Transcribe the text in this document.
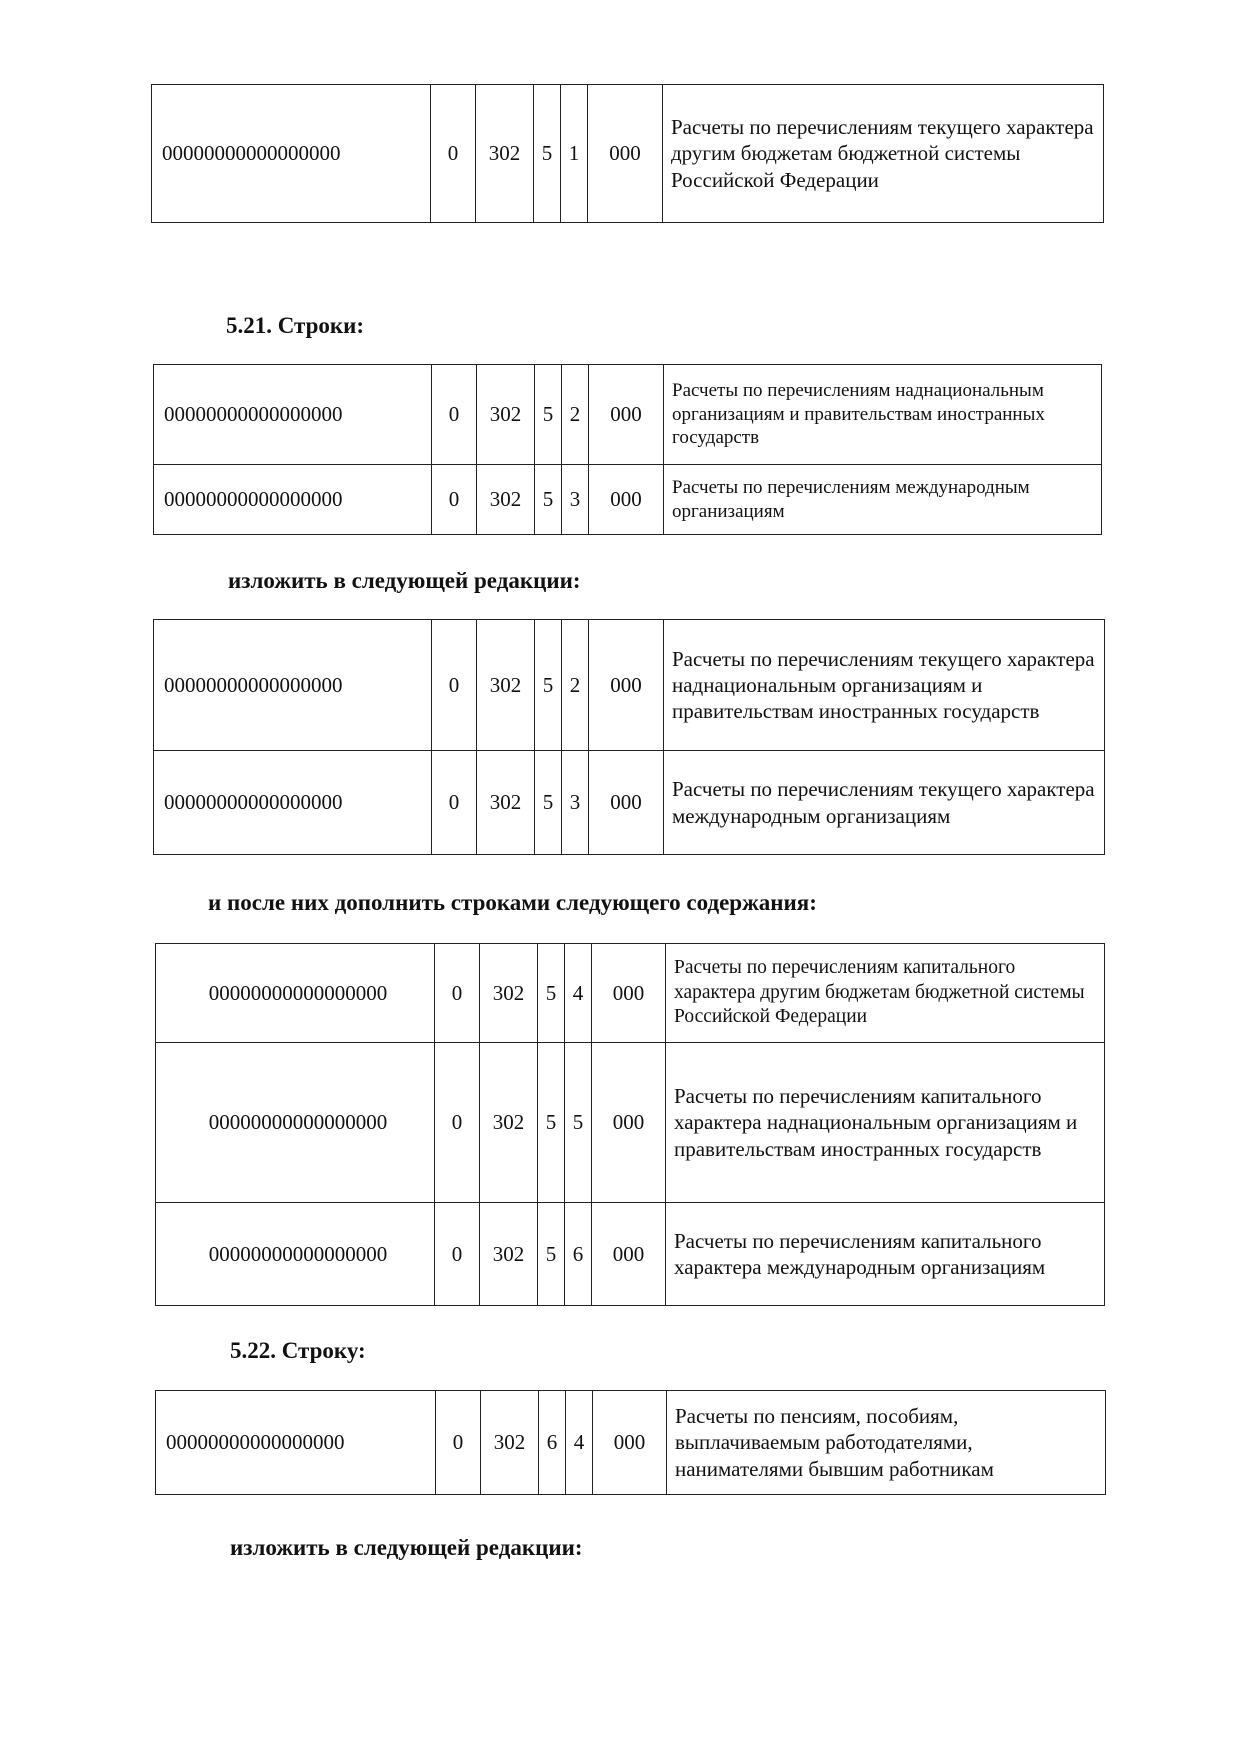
00000000000000000	0	302	5	1	000	Расчеты по перечислениям текущего характера другим бюджетам бюджетной системы Российской Федерации
5.21. Строки:
00000000000000000	0	302	5	2	000	Расчеты по перечислениям наднациональным организациям и правительствам иностранных государств
00000000000000000	0	302	5	3	000	Расчеты по перечислениям международным организациям
изложить в следующей редакции:
00000000000000000	0	302	5	2	000	Расчеты по перечислениям текущего характера наднациональным организациям и правительствам иностранных государств
00000000000000000	0	302	5	3	000	Расчеты по перечислениям текущего характера международным организациям
и после них дополнить строками следующего содержания:
00000000000000000	0	302	5	4	000	Расчеты по перечислениям капитального характера другим бюджетам бюджетной системы Российской Федерации
00000000000000000	0	302	5	5	000	Расчеты по перечислениям капитального характера наднациональным организациям и правительствам иностранных государств
00000000000000000	0	302	5	6	000	Расчеты по перечислениям капитального характера международным организациям
5.22. Строку:
00000000000000000	0	302	6	4	000	Расчеты по пенсиям, пособиям, выплачиваемым работодателями, нанимателями бывшим работникам
изложить в следующей редакции:
